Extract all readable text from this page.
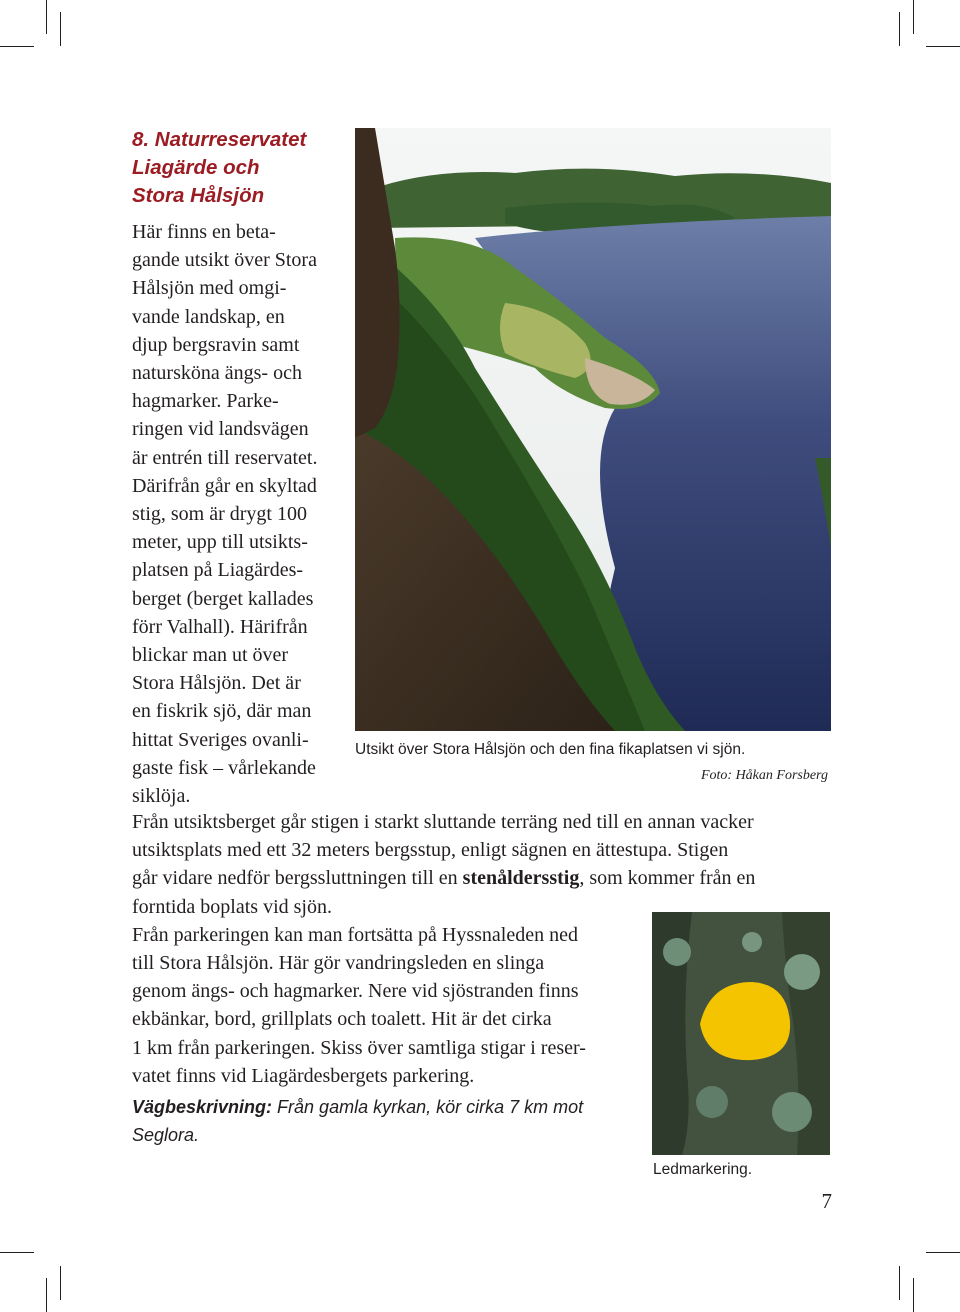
8. Naturreservatet
Liagärde och
Stora Hålsjön
Här finns en beta-
gande utsikt över Stora
Hålsjön med omgi-
vande landskap, en
djup bergsravin samt
natursköna ängs- och
hagmarker. Parke-
ringen vid landsvägen
är entrén till reservatet.
Därifrån går en skyltad
stig, som är drygt 100
meter, upp till utsikts-
platsen på Liagärdes-
berget (berget kallades
förr Valhall). Härifrån
blickar man ut över
Stora Hålsjön. Det är
en fiskrik sjö, där man
hittat Sveriges ovanli-
gaste fisk – vårlekande
siklöja.
Från utsiktsberget går stigen i starkt sluttande terräng ned till en annan vacker
utsiktsplats med ett 32 meters bergsstup, enligt sägnen en ättestupa. Stigen
går vidare nedför bergssluttningen till en stenåldersstig, som kommer från en
forntida boplats vid sjön.
Från parkeringen kan man fortsätta på Hyssnaleden ned
till Stora Hålsjön. Här gör vandringsleden en slinga
genom ängs- och hagmarker. Nere vid sjöstranden finns
ekbänkar, bord, grillplats och toalett. Hit är det cirka
1 km från parkeringen. Skiss över samtliga stigar i reser-
vatet finns vid Liagärdesbergets parkering.
Vägbeskrivning: Från gamla kyrkan, kör cirka 7 km mot
Seglora.
Utsikt över Stora Hålsjön och den fina fikaplatsen vi sjön.
Foto: Håkan Forsberg
Ledmarkering.
7
